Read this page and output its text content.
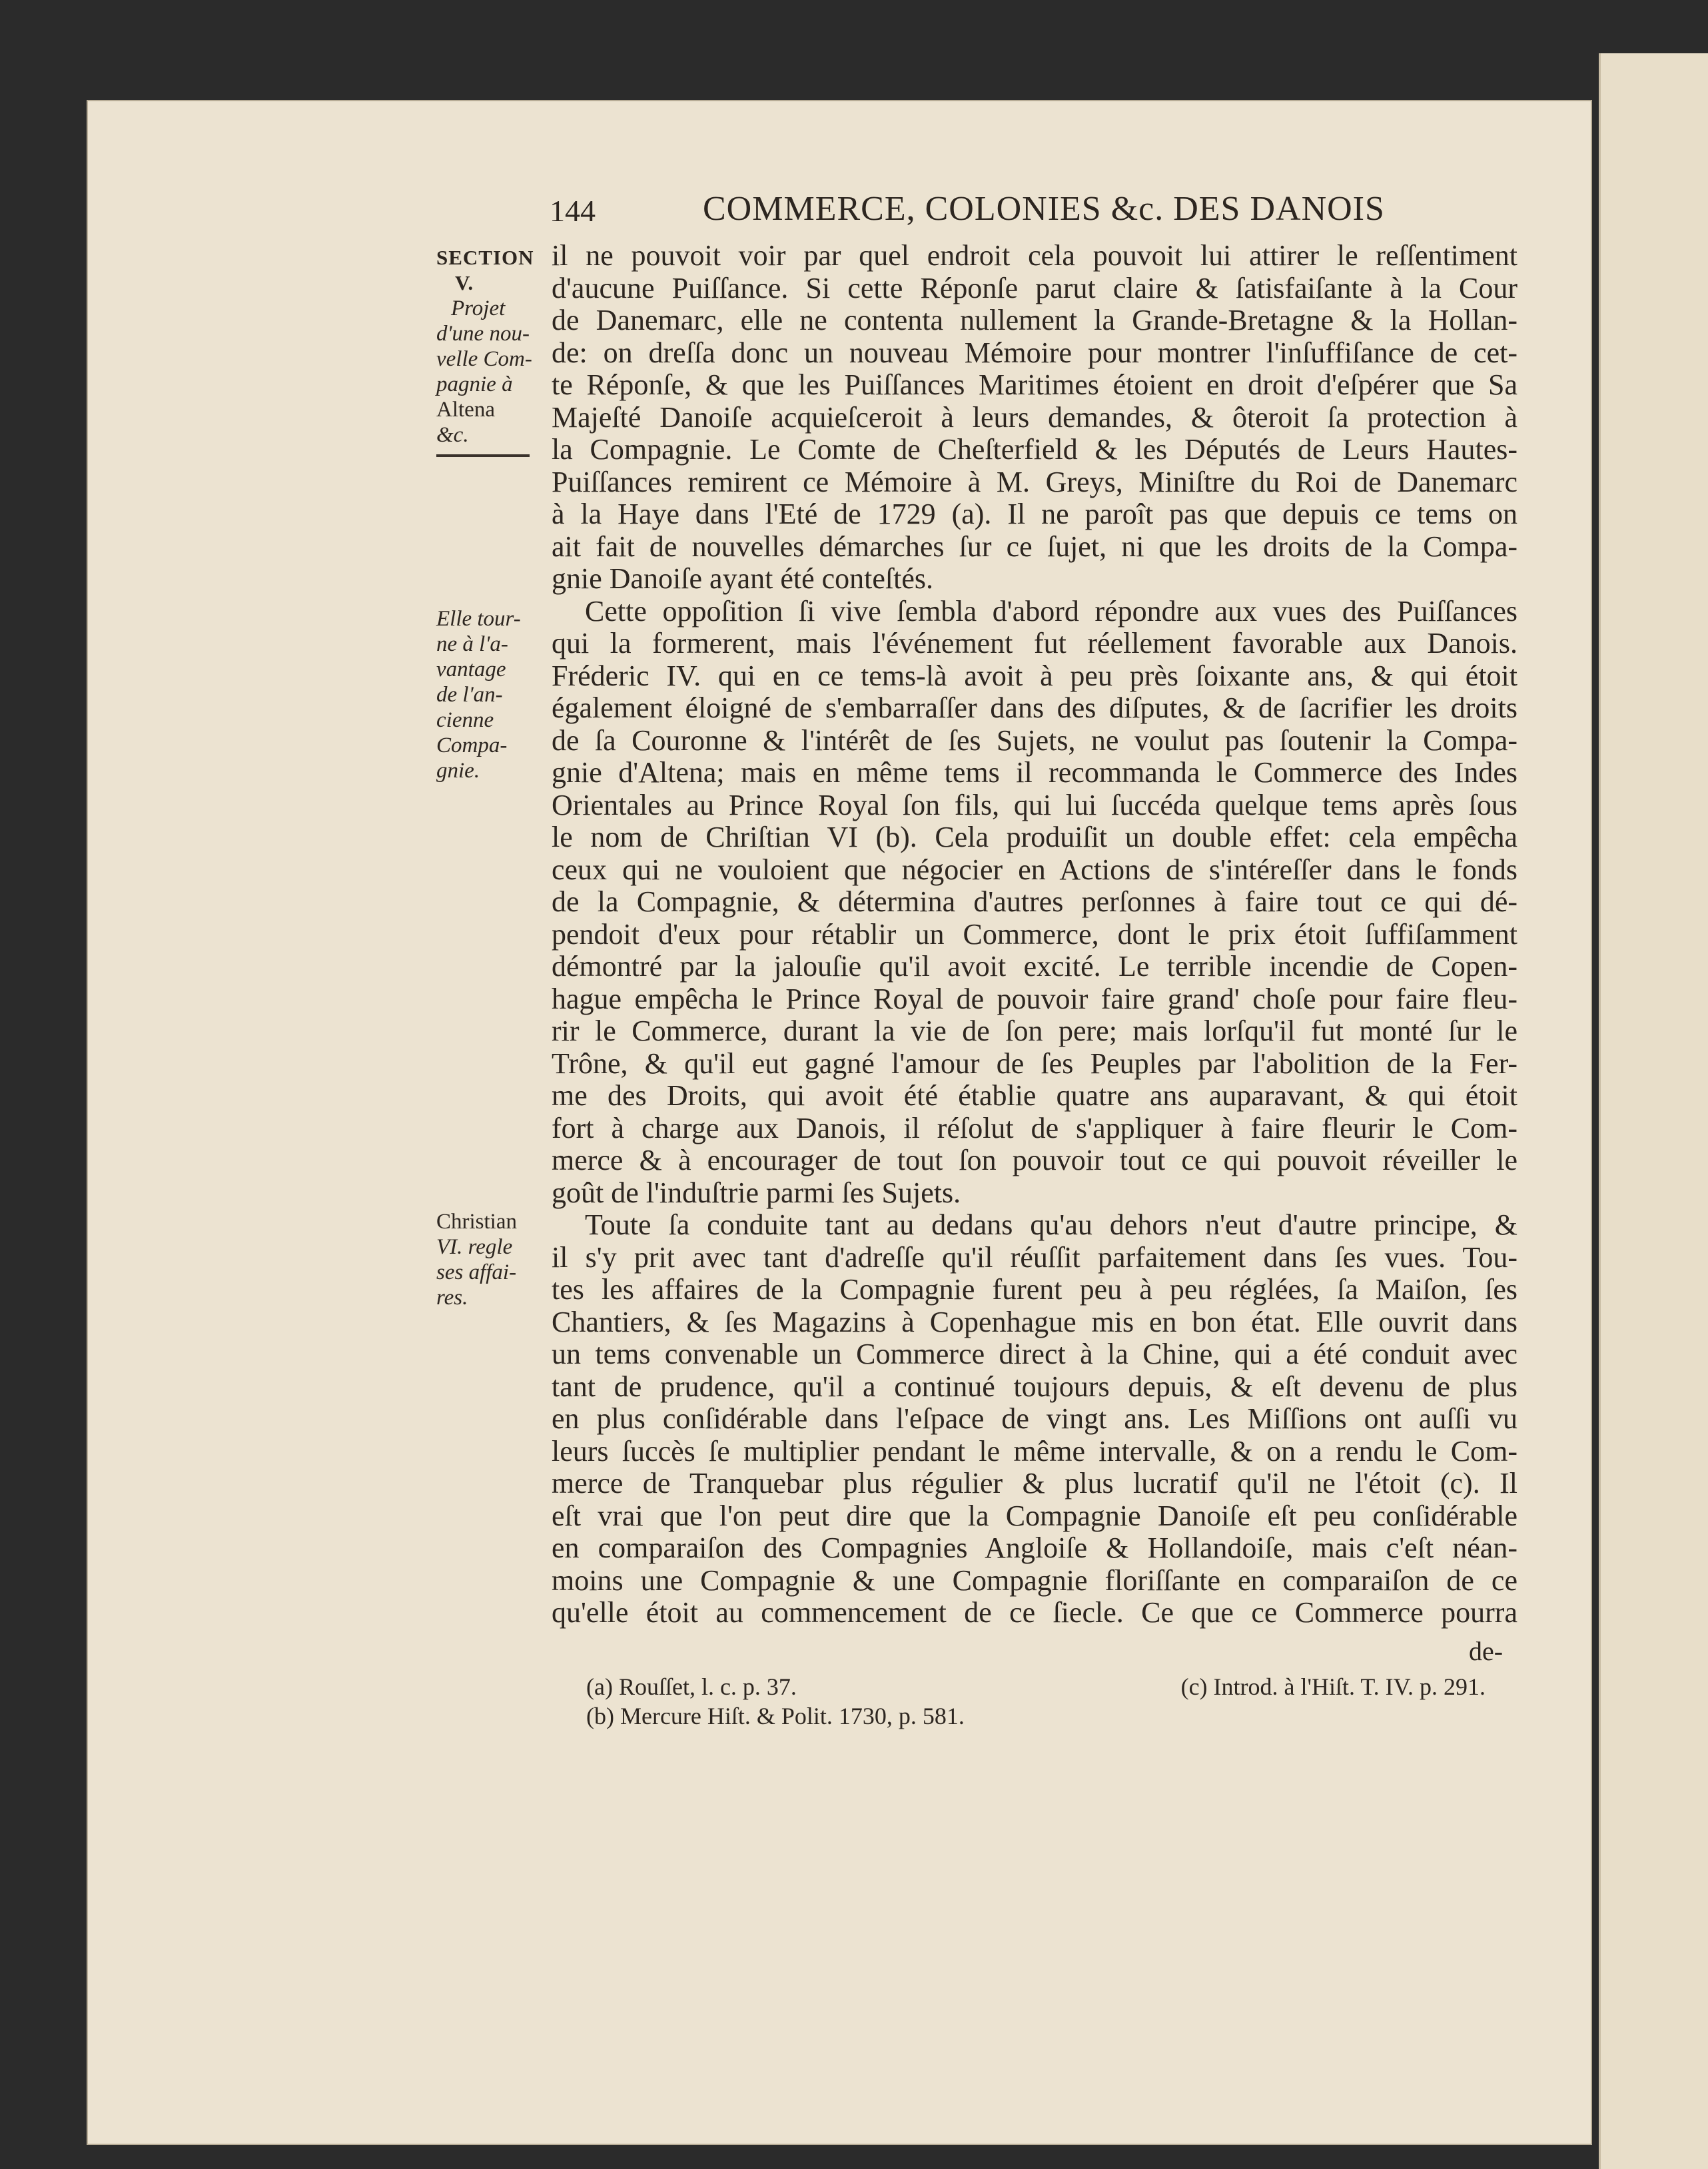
144	COMMERCE, COLONIES &c. DES DANOIS
SECTION
V.
Projet
d'une nou-
velle Com-
pagnie à
Altena
&c.
Elle tour-
ne à l'a-
vantage
de l'an-
cienne
Compa-
gnie.
Christian
VI. regle
ses affai-
res.
il ne pouvoit voir par quel endroit cela pouvoit lui attirer le reſſentiment
d'aucune Puiſſance. Si cette Réponſe parut claire & ſatisfaiſante à la Cour
de Danemarc, elle ne contenta nullement la Grande-Bretagne & la Hollan-
de: on dreſſa donc un nouveau Mémoire pour montrer l'inſuffiſance de cet-
te Réponſe, & que les Puiſſances Maritimes étoient en droit d'eſpérer que Sa
Majeſté Danoiſe acquieſceroit à leurs demandes, & ôteroit ſa protection à
la Compagnie. Le Comte de Cheſterfield & les Députés de Leurs Hautes-
Puiſſances remirent ce Mémoire à M. Greys, Miniſtre du Roi de Danemarc
à la Haye dans l'Eté de 1729 (a). Il ne paroît pas que depuis ce tems on
ait fait de nouvelles démarches ſur ce ſujet, ni que les droits de la Compa-
gnie Danoiſe ayant été conteſtés.
Cette oppoſition ſi vive ſembla d'abord répondre aux vues des Puiſſances
qui la formerent, mais l'événement fut réellement favorable aux Danois.
Fréderic IV. qui en ce tems-là avoit à peu près ſoixante ans, & qui étoit
également éloigné de s'embarraſſer dans des diſputes, & de ſacrifier les droits
de ſa Couronne & l'intérêt de ſes Sujets, ne voulut pas ſoutenir la Compa-
gnie d'Altena; mais en même tems il recommanda le Commerce des Indes
Orientales au Prince Royal ſon fils, qui lui ſuccéda quelque tems après ſous
le nom de Chriſtian VI (b). Cela produiſit un double effet: cela empêcha
ceux qui ne vouloient que négocier en Actions de s'intéreſſer dans le fonds
de la Compagnie, & détermina d'autres perſonnes à faire tout ce qui dé-
pendoit d'eux pour rétablir un Commerce, dont le prix étoit ſuffiſamment
démontré par la jalouſie qu'il avoit excité. Le terrible incendie de Copen-
hague empêcha le Prince Royal de pouvoir faire grand' choſe pour faire fleu-
rir le Commerce, durant la vie de ſon pere; mais lorſqu'il fut monté ſur le
Trône, & qu'il eut gagné l'amour de ſes Peuples par l'abolition de la Fer-
me des Droits, qui avoit été établie quatre ans auparavant, & qui étoit
fort à charge aux Danois, il réſolut de s'appliquer à faire fleurir le Com-
merce & à encourager de tout ſon pouvoir tout ce qui pouvoit réveiller le
goût de l'induſtrie parmi ſes Sujets.
Toute ſa conduite tant au dedans qu'au dehors n'eut d'autre principe, &
il s'y prit avec tant d'adreſſe qu'il réuſſit parfaitement dans ſes vues. Tou-
tes les affaires de la Compagnie furent peu à peu réglées, ſa Maiſon, ſes
Chantiers, & ſes Magazins à Copenhague mis en bon état. Elle ouvrit dans
un tems convenable un Commerce direct à la Chine, qui a été conduit avec
tant de prudence, qu'il a continué toujours depuis, & eſt devenu de plus
en plus conſidérable dans l'eſpace de vingt ans. Les Miſſions ont auſſi vu
leurs ſuccès ſe multiplier pendant le même intervalle, & on a rendu le Com-
merce de Tranquebar plus régulier & plus lucratif qu'il ne l'étoit (c). Il
eſt vrai que l'on peut dire que la Compagnie Danoiſe eſt peu conſidérable
en comparaiſon des Compagnies Angloiſe & Hollandoiſe, mais c'eſt néan-
moins une Compagnie & une Compagnie floriſſante en comparaiſon de ce
qu'elle étoit au commencement de ce ſiecle. Ce que ce Commerce pourra
de-
(a) Rouſſet, l. c. p. 37.	(c) Introd. à l'Hiſt. T. IV. p. 291.
(b) Mercure Hiſt. & Polit. 1730, p. 581.
